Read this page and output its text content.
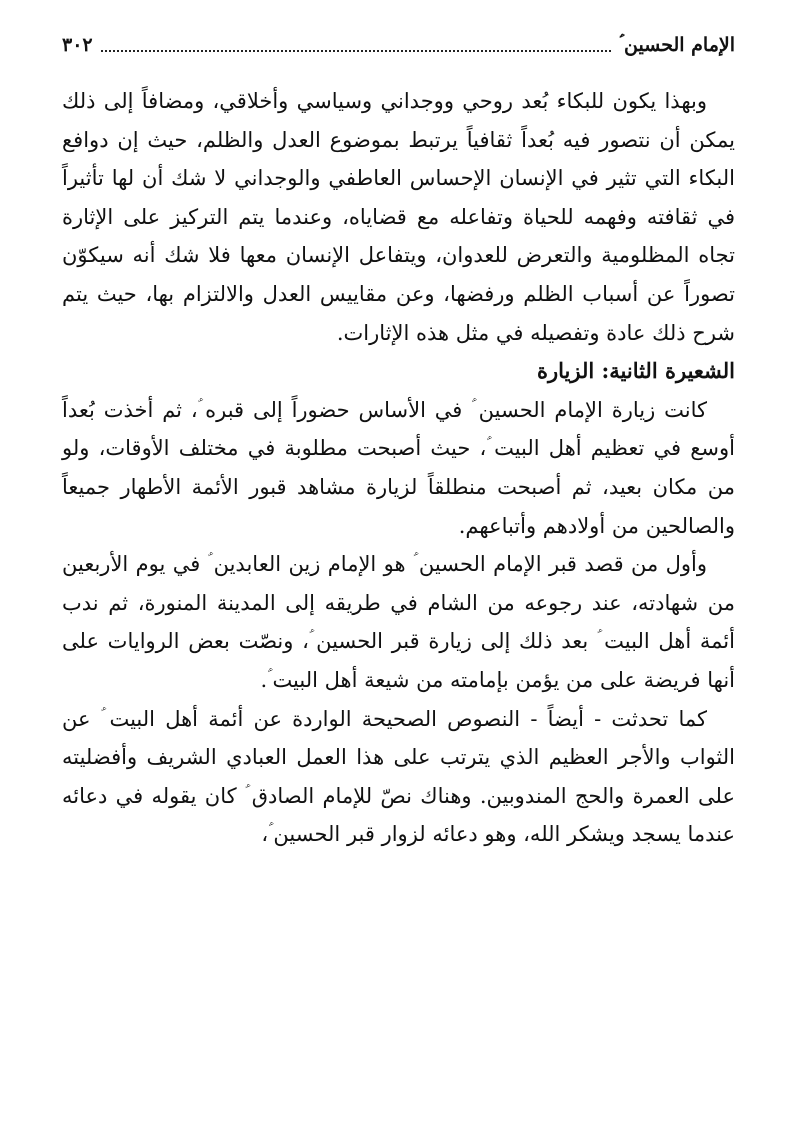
الإمام الحسين ؑ
٣٠٢

وبهذا يكون للبكاء بُعد روحي ووجداني وسياسي وأخلاقي، ومضافاً إلى ذلك يمكن أن نتصور فيه بُعداً ثقافياً يرتبط بموضوع العدل والظلم، حيث إن دوافع البكاء التي تثير في الإنسان الإحساس العاطفي والوجداني لا شك أن لها تأثيراً في ثقافته وفهمه للحياة وتفاعله مع قضاياه، وعندما يتم التركيز على الإثارة تجاه المظلومية والتعرض للعدوان، ويتفاعل الإنسان معها فلا شك أنه سيكوّن تصوراً عن أسباب الظلم ورفضها، وعن مقاييس العدل والالتزام بها، حيث يتم شرح ذلك عادة وتفصيله في مثل هذه الإثارات.

الشعيرة الثانية: الزيارة

كانت زيارة الإمام الحسين ؑ في الأساس حضوراً إلى قبره ؑ، ثم أخذت بُعداً أوسع في تعظيم أهل البيت ؑ، حيث أصبحت مطلوبة في مختلف الأوقات، ولو من مكان بعيد، ثم أصبحت منطلقاً لزيارة مشاهد قبور الأئمة الأطهار جميعاً والصالحين من أولادهم وأتباعهم.

وأول من قصد قبر الإمام الحسين ؑ هو الإمام زين العابدين ؑ في يوم الأربعين من شهادته، عند رجوعه من الشام في طريقه إلى المدينة المنورة، ثم ندب أئمة أهل البيت ؑ بعد ذلك إلى زيارة قبر الحسين ؑ، ونصّت بعض الروايات على أنها فريضة على من يؤمن بإمامته من شيعة أهل البيت ؑ.

كما تحدثت - أيضاً - النصوص الصحيحة الواردة عن أئمة أهل البيت ؑ عن الثواب والأجر العظيم الذي يترتب على هذا العمل العبادي الشريف وأفضليته على العمرة والحج المندوبين. وهناك نصّ للإمام الصادق ؑ كان يقوله في دعائه عندما يسجد ويشكر الله، وهو دعائه لزوار قبر الحسين ؑ،
